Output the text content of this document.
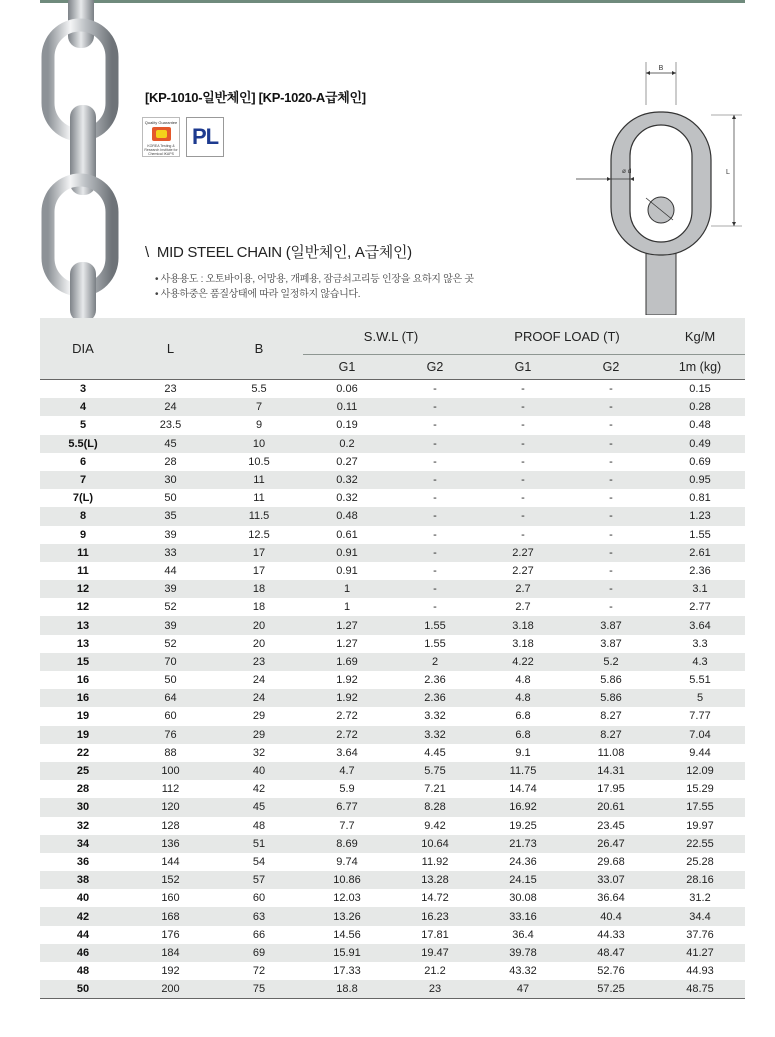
[KP-1010-일반체인] [KP-1020-A급체인]
Quality Guarantee
KOREA Testing & Research Institute for Chemical IKAPS
PL
B
L
ø d
\ MID STEEL CHAIN (일반체인, A급체인)
• 사용용도 : 오토바이용, 어망용, 개폐용, 잠금쇠고리등 인장을 요하지 않은 곳
• 사용하중은 품질상태에 따라 일정하지 않습니다.
DIA	L	B	S.W.L (T)		PROOF LOAD (T)		Kg/M
			G1	G2	G1	G2	1m (kg)
3	23	5.5	0.06	-	-	-	0.15
4	24	7	0.11	-	-	-	0.28
5	23.5	9	0.19	-	-	-	0.48
5.5(L)	45	10	0.2	-	-	-	0.49
6	28	10.5	0.27	-	-	-	0.69
7	30	11	0.32	-	-	-	0.95
7(L)	50	11	0.32	-	-	-	0.81
8	35	11.5	0.48	-	-	-	1.23
9	39	12.5	0.61	-	-	-	1.55
11	33	17	0.91	-	2.27	-	2.61
11	44	17	0.91	-	2.27	-	2.36
12	39	18	1	-	2.7	-	3.1
12	52	18	1	-	2.7	-	2.77
13	39	20	1.27	1.55	3.18	3.87	3.64
13	52	20	1.27	1.55	3.18	3.87	3.3
15	70	23	1.69	2	4.22	5.2	4.3
16	50	24	1.92	2.36	4.8	5.86	5.51
16	64	24	1.92	2.36	4.8	5.86	5
19	60	29	2.72	3.32	6.8	8.27	7.77
19	76	29	2.72	3.32	6.8	8.27	7.04
22	88	32	3.64	4.45	9.1	11.08	9.44
25	100	40	4.7	5.75	11.75	14.31	12.09
28	112	42	5.9	7.21	14.74	17.95	15.29
30	120	45	6.77	8.28	16.92	20.61	17.55
32	128	48	7.7	9.42	19.25	23.45	19.97
34	136	51	8.69	10.64	21.73	26.47	22.55
36	144	54	9.74	11.92	24.36	29.68	25.28
38	152	57	10.86	13.28	24.15	33.07	28.16
40	160	60	12.03	14.72	30.08	36.64	31.2
42	168	63	13.26	16.23	33.16	40.4	34.4
44	176	66	14.56	17.81	36.4	44.33	37.76
46	184	69	15.91	19.47	39.78	48.47	41.27
48	192	72	17.33	21.2	43.32	52.76	44.93
50	200	75	18.8	23	47	57.25	48.75
